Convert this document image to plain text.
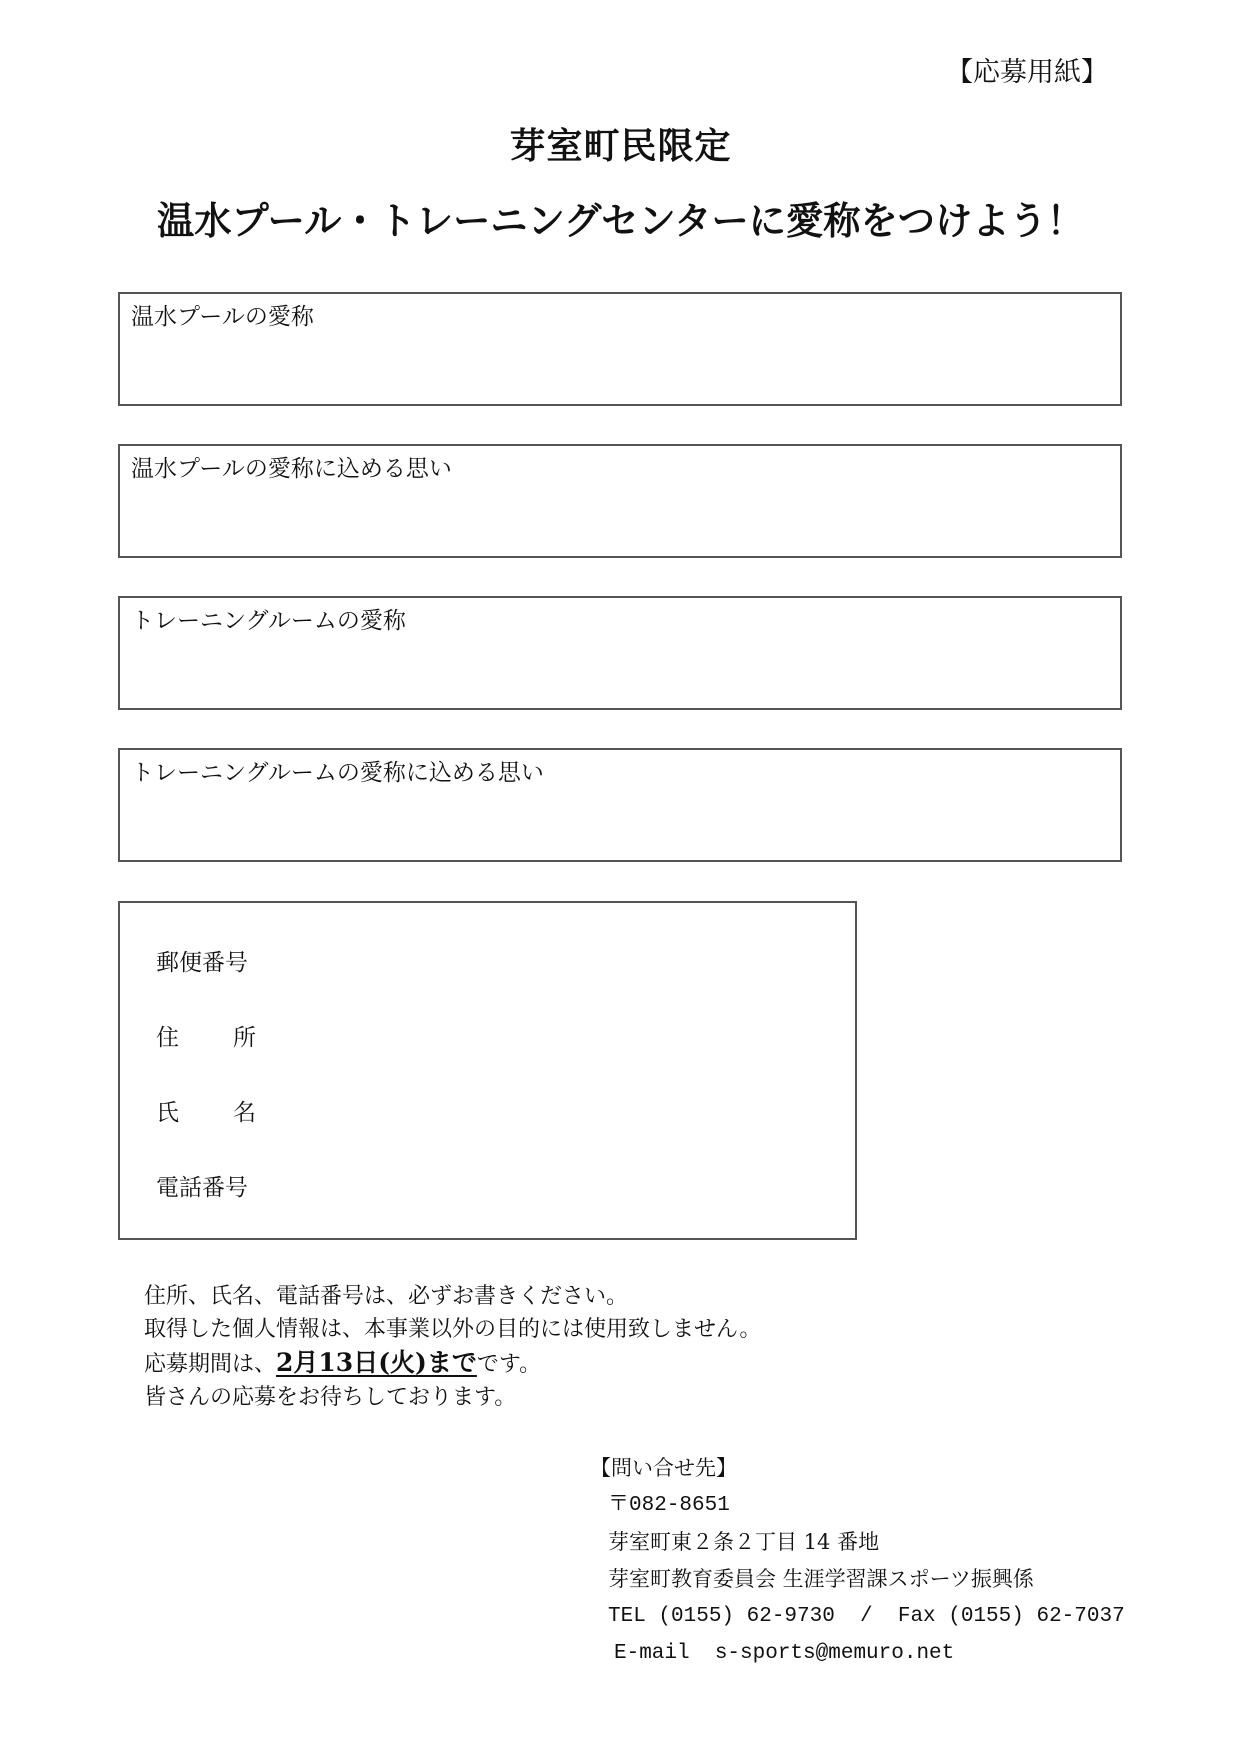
【応募用紙】
芽室町民限定
温水プール・トレーニングセンターに愛称をつけよう！
温水プールの愛称
温水プールの愛称に込める思い
トレーニングルームの愛称
トレーニングルームの愛称に込める思い
郵便番号
住 所
氏 名
電話番号
住所、氏名、電話番号は、必ずお書きください。
取得した個人情報は、本事業以外の目的には使用致しません。
応募期間は、2月13日(火)までです。
皆さんの応募をお待ちしております。
【問い合せ先】
〒082-8651
芽室町東２条２丁目 14 番地
芽室町教育委員会 生涯学習課スポーツ振興係
TEL (0155) 62-9730  /  Fax (0155) 62-7037
E-mail  s-sports@memuro.net
